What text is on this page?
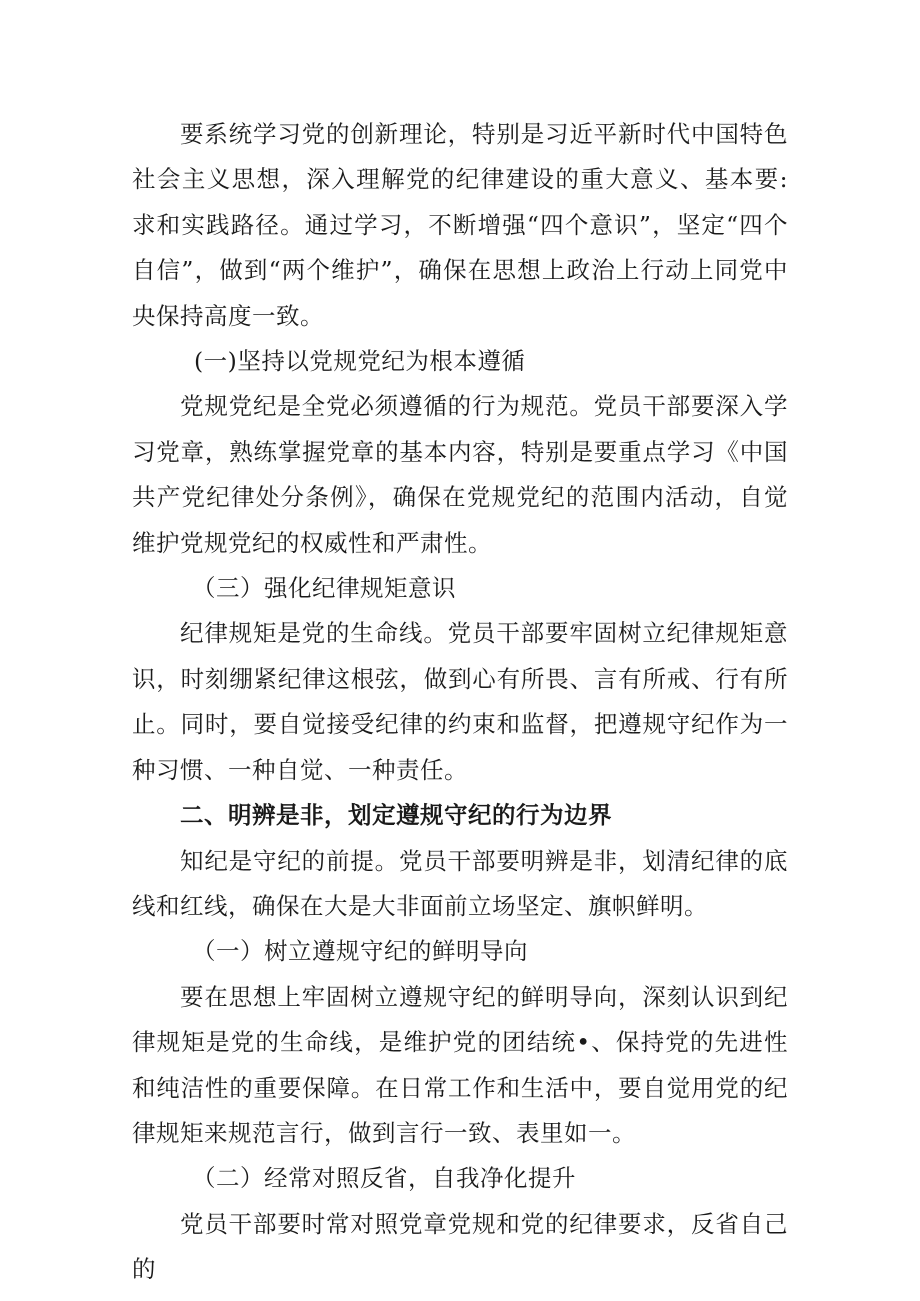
要系统学习党的创新理论，特别是习近平新时代中国特色社会主义思想，深入理解党的纪律建设的重大意义、基本要:求和实践路径。通过学习，不断增强“四个意识”，坚定“四个自信”，做到“两个维护”，确保在思想上政治上行动上同党中央保持高度一致。

(一)坚持以党规党纪为根本遵循

党规党纪是全党必须遵循的行为规范。党员干部要深入学习党章，熟练掌握党章的基本内容，特别是要重点学习《中国共产党纪律处分条例》，确保在党规党纪的范围内活动，自觉维护党规党纪的权威性和严肃性。

（三）强化纪律规矩意识

纪律规矩是党的生命线。党员干部要牢固树立纪律规矩意识，时刻绷紧纪律这根弦，做到心有所畏、言有所戒、行有所止。同时，要自觉接受纪律的约束和监督，把遵规守纪作为一种习惯、一种自觉、一种责任。

二、明辨是非，划定遵规守纪的行为边界

知纪是守纪的前提。党员干部要明辨是非，划清纪律的底线和红线，确保在大是大非面前立场坚定、旗帜鲜明。

（一）树立遵规守纪的鲜明导向

要在思想上牢固树立遵规守纪的鲜明导向，深刻认识到纪律规矩是党的生命线，是维护党的团结统•、保持党的先进性和纯洁性的重要保障。在日常工作和生活中，要自觉用党的纪律规矩来规范言行，做到言行一致、表里如一。

（二）经常对照反省，自我净化提升

党员干部要时常对照党章党规和党的纪律要求，反省自己的
